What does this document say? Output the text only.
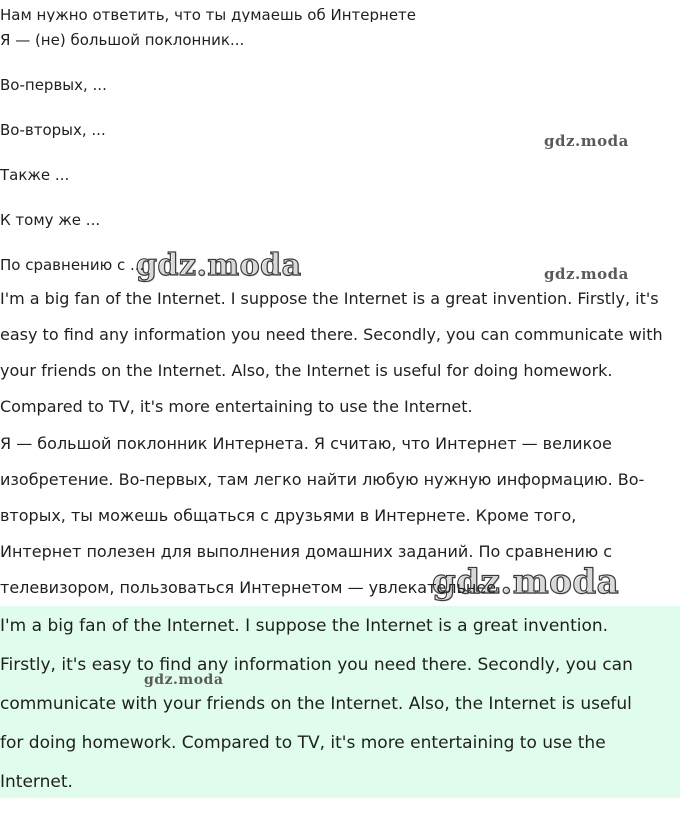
Нам нужно ответить, что ты думаешь об Интернете
Я — (не) большой поклонник...
Во-первых, ...
Во-вторых, ...
Также ...
К тому же ...
По сравнению с ...

I'm a big fan of the Internet. I suppose the Internet is a great invention. Firstly, it's easy to find any information you need there. Secondly, you can communicate with your friends on the Internet. Also, the Internet is useful for doing homework. Compared to TV, it's more entertaining to use the Internet.

Я — большой поклонник Интернета. Я считаю, что Интернет — великое изобретение. Во-первых, там легко найти любую нужную информацию. Во-вторых, ты можешь общаться с друзьями в Интернете. Кроме того, Интернет полезен для выполнения домашних заданий. По сравнению с телевизором, пользоваться Интернетом — увлекательнее.

I'm a big fan of the Internet. I suppose the Internet is a great invention. Firstly, it's easy to find any information you need there. Secondly, you can communicate with your friends on the Internet. Also, the Internet is useful for doing homework. Compared to TV, it's more entertaining to use the Internet.

gdz.moda
gdz.moda	gdz.moda
gdz.moda
gdz.moda
